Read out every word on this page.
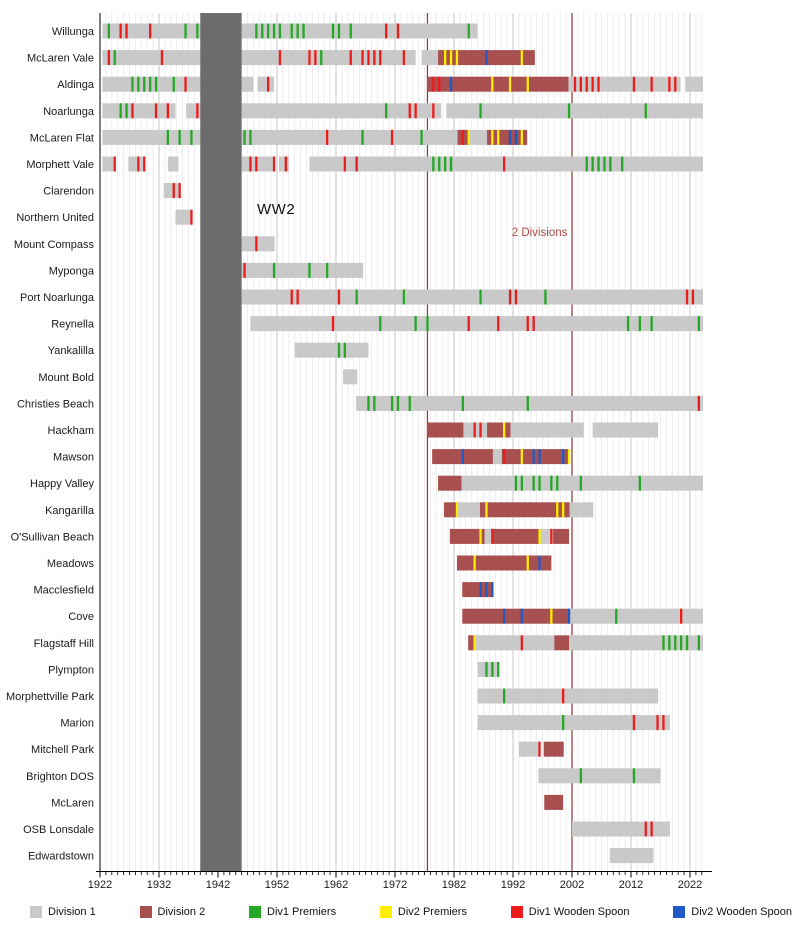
Willunga
McLaren Vale
Aldinga
Noarlunga
McLaren Flat
Morphett Vale
Clarendon
Northern United
Mount Compass
Myponga
Port Noarlunga
Reynella
Yankalilla
Mount Bold
Christies Beach
Hackham
Mawson
Happy Valley
Kangarilla
O'Sullivan Beach
Meadows
Macclesfield
Cove
Flagstaff Hill
Plympton
Morphettville Park
Marion
Mitchell Park
Brighton DOS
McLaren
OSB Lonsdale
Edwardstown
WW2
2 Divisions
1922	1932	1942	1952	1962	1972	1982	1992	2002	2012	2022
Division 1	Division 2	Div1 Premiers	Div2 Premiers	Div1 Wooden Spoon	Div2 Wooden Spoon
